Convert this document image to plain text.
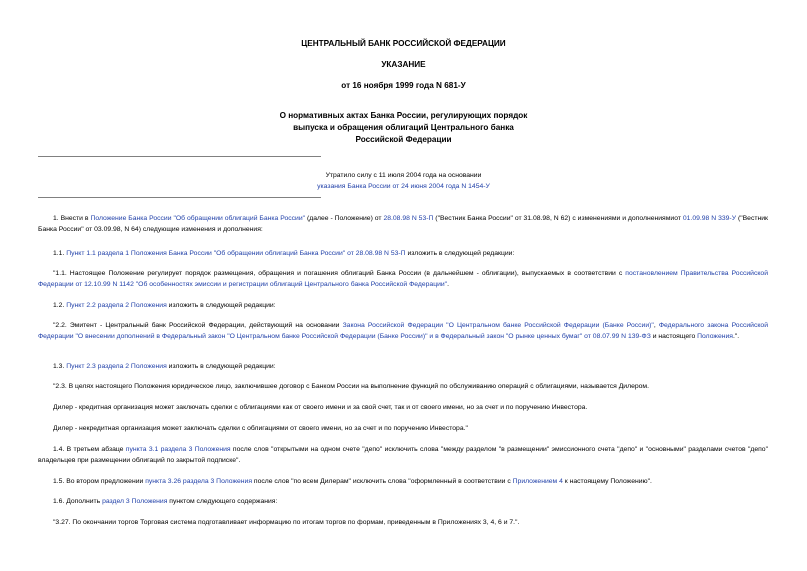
ЦЕНТРАЛЬНЫЙ БАНК РОССИЙСКОЙ ФЕДЕРАЦИИ
УКАЗАНИЕ
от 16 ноября 1999 года N 681-У
О нормативных актах Банка России, регулирующих порядок
выпуска и обращения облигаций Центрального банка
Российской Федерации
Утратило силу с 11 июля 2004 года на основании
указания Банка России от 24 июня 2004 года N 1454-У
1. Внести в Положение Банка России "Об обращении облигаций Банка России" (далее - Положение) от 28.08.98 N 53-П ("Вестник Банка России" от 31.08.98, N 62) с изменениями и дополнениямиот 01.09.98 N 339-У ("Вестник Банка России" от 03.09.98, N 64) следующие изменения и дополнения:
1.1. Пункт 1.1 раздела 1 Положения Банка России "Об обращении облигаций Банка России" от 28.08.98 N 53-П изложить в следующей редакции:
"1.1. Настоящее Положение регулирует порядок размещения, обращения и погашения облигаций Банка России (в дальнейшем - облигации), выпускаемых в соответствии с постановлением Правительства Российской Федерации от 12.10.99 N 1142 "Об особенностях эмиссии и регистрации облигаций Центрального банка Российской Федерации".
1.2. Пункт 2.2 раздела 2 Положения изложить в следующей редакции:
"2.2. Эмитент - Центральный банк Российской Федерации, действующий на основании Закона Российской Федерации "О Центральном банке Российской Федерации (Банке России)", Федерального закона Российской Федерации "О внесении дополнений в Федеральный закон "О Центральном банке Российской Федерации (Банке России)" и в Федеральный закон "О рынке ценных бумаг" от 08.07.99 N 139-ФЗ и настоящего Положения.".
1.3. Пункт 2.3 раздела 2 Положения изложить в следующей редакции:
"2.3. В целях настоящего Положения юридическое лицо, заключившее договор с Банком России на выполнение функций по обслуживанию операций с облигациями, называется Дилером.
Дилер - кредитная организация может заключать сделки с облигациями как от своего имени и за свой счет, так и от своего имени, но за счет и по поручению Инвестора.
Дилер - некредитная организация может заключать сделки с облигациями от своего имени, но за счет и по поручению Инвестора."
1.4. В третьем абзаце пункта 3.1 раздела 3 Положения после слов "открытыми на одном счете "депо" исключить слова "между разделом "в размещении" эмиссионного счета "депо" и "основными" разделами счетов "депо" владельцев при размещении облигаций по закрытой подписке".
1.5. Во втором предложении пункта 3.26 раздела 3 Положения после слов "по всем Дилерам" исключить слова "оформленный в соответствии с Приложением 4 к настоящему Положению".
1.6. Дополнить раздел 3 Положения пунктом следующего содержания:
"3.27. По окончании торгов Торговая система подготавливает информацию по итогам торгов по формам, приведенным в Приложениях 3, 4, 6 и 7.".
